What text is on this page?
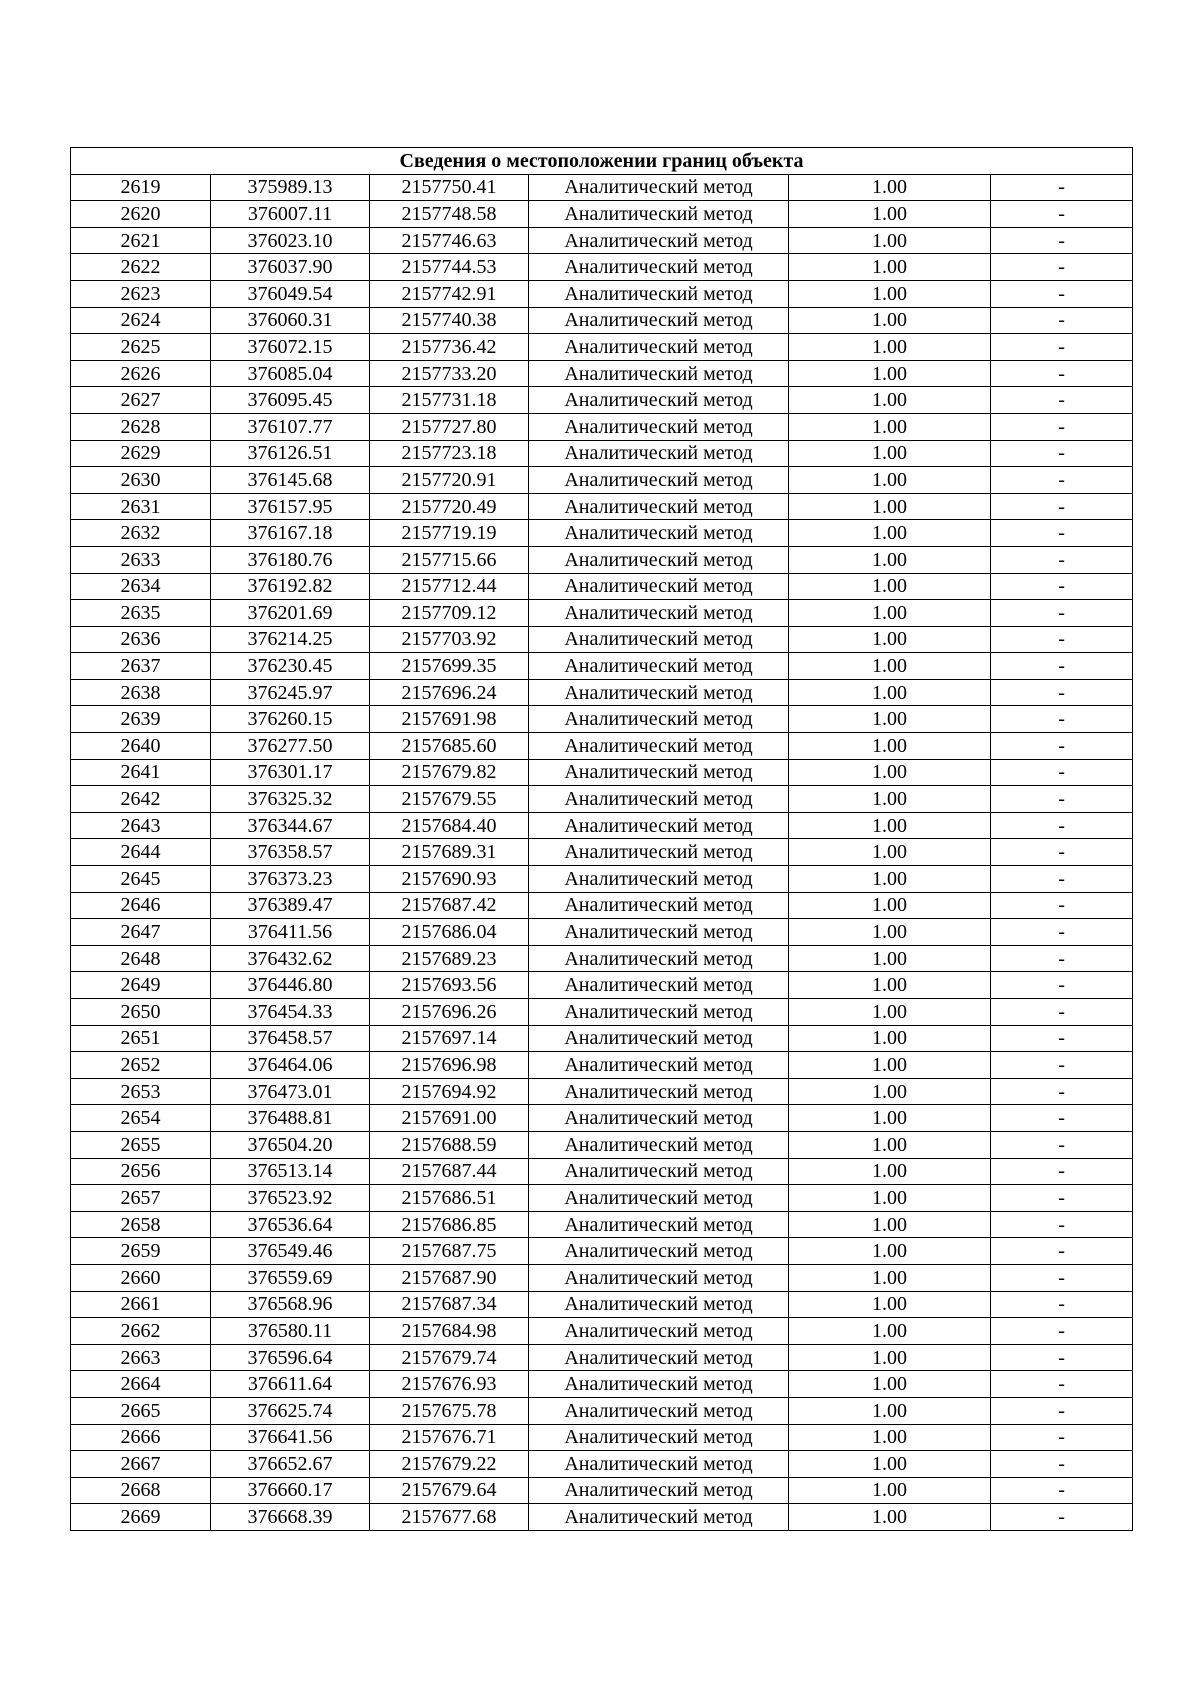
Сведения о местоположении границ объекта					
2619	375989.13	2157750.41	Аналитический метод	1.00	-
2620	376007.11	2157748.58	Аналитический метод	1.00	-
2621	376023.10	2157746.63	Аналитический метод	1.00	-
2622	376037.90	2157744.53	Аналитический метод	1.00	-
2623	376049.54	2157742.91	Аналитический метод	1.00	-
2624	376060.31	2157740.38	Аналитический метод	1.00	-
2625	376072.15	2157736.42	Аналитический метод	1.00	-
2626	376085.04	2157733.20	Аналитический метод	1.00	-
2627	376095.45	2157731.18	Аналитический метод	1.00	-
2628	376107.77	2157727.80	Аналитический метод	1.00	-
2629	376126.51	2157723.18	Аналитический метод	1.00	-
2630	376145.68	2157720.91	Аналитический метод	1.00	-
2631	376157.95	2157720.49	Аналитический метод	1.00	-
2632	376167.18	2157719.19	Аналитический метод	1.00	-
2633	376180.76	2157715.66	Аналитический метод	1.00	-
2634	376192.82	2157712.44	Аналитический метод	1.00	-
2635	376201.69	2157709.12	Аналитический метод	1.00	-
2636	376214.25	2157703.92	Аналитический метод	1.00	-
2637	376230.45	2157699.35	Аналитический метод	1.00	-
2638	376245.97	2157696.24	Аналитический метод	1.00	-
2639	376260.15	2157691.98	Аналитический метод	1.00	-
2640	376277.50	2157685.60	Аналитический метод	1.00	-
2641	376301.17	2157679.82	Аналитический метод	1.00	-
2642	376325.32	2157679.55	Аналитический метод	1.00	-
2643	376344.67	2157684.40	Аналитический метод	1.00	-
2644	376358.57	2157689.31	Аналитический метод	1.00	-
2645	376373.23	2157690.93	Аналитический метод	1.00	-
2646	376389.47	2157687.42	Аналитический метод	1.00	-
2647	376411.56	2157686.04	Аналитический метод	1.00	-
2648	376432.62	2157689.23	Аналитический метод	1.00	-
2649	376446.80	2157693.56	Аналитический метод	1.00	-
2650	376454.33	2157696.26	Аналитический метод	1.00	-
2651	376458.57	2157697.14	Аналитический метод	1.00	-
2652	376464.06	2157696.98	Аналитический метод	1.00	-
2653	376473.01	2157694.92	Аналитический метод	1.00	-
2654	376488.81	2157691.00	Аналитический метод	1.00	-
2655	376504.20	2157688.59	Аналитический метод	1.00	-
2656	376513.14	2157687.44	Аналитический метод	1.00	-
2657	376523.92	2157686.51	Аналитический метод	1.00	-
2658	376536.64	2157686.85	Аналитический метод	1.00	-
2659	376549.46	2157687.75	Аналитический метод	1.00	-
2660	376559.69	2157687.90	Аналитический метод	1.00	-
2661	376568.96	2157687.34	Аналитический метод	1.00	-
2662	376580.11	2157684.98	Аналитический метод	1.00	-
2663	376596.64	2157679.74	Аналитический метод	1.00	-
2664	376611.64	2157676.93	Аналитический метод	1.00	-
2665	376625.74	2157675.78	Аналитический метод	1.00	-
2666	376641.56	2157676.71	Аналитический метод	1.00	-
2667	376652.67	2157679.22	Аналитический метод	1.00	-
2668	376660.17	2157679.64	Аналитический метод	1.00	-
2669	376668.39	2157677.68	Аналитический метод	1.00	-
